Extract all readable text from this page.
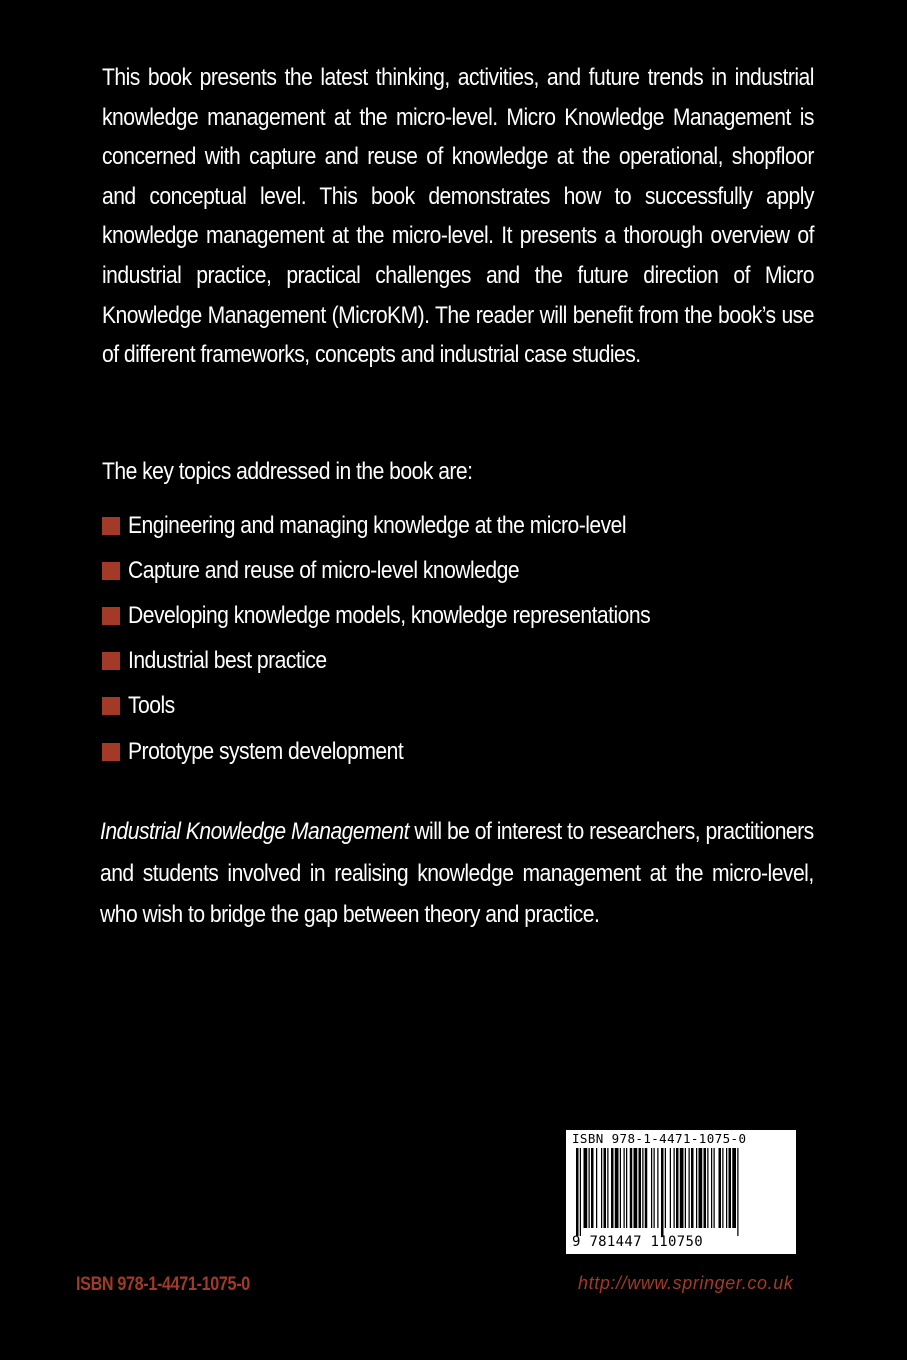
This book presents the latest thinking, activities, and future trends in industrial knowledge management at the micro-level. Micro Knowledge Management is concerned with capture and reuse of knowledge at the operational, shopfloor and conceptual level. This book demonstrates how to successfully apply knowledge management at the micro-level. It presents a thorough overview of industrial practice, practical challenges and the future direction of Micro Knowledge Management (MicroKM). The reader will benefit from the book’s use of different frameworks, concepts and industrial case studies.

The key topics addressed in the book are:

Engineering and managing knowledge at the micro-level
Capture and reuse of micro-level knowledge
Developing knowledge models, knowledge representations
Industrial best practice
Tools
Prototype system development

Industrial Knowledge Management will be of interest to researchers, practitioners and students involved in realising knowledge management at the micro-level, who wish to bridge the gap between theory and practice.

ISBN 978-1-4471-1075-0
9 781447 110750

ISBN 978-1-4471-1075-0	http://www.springer.co.uk
